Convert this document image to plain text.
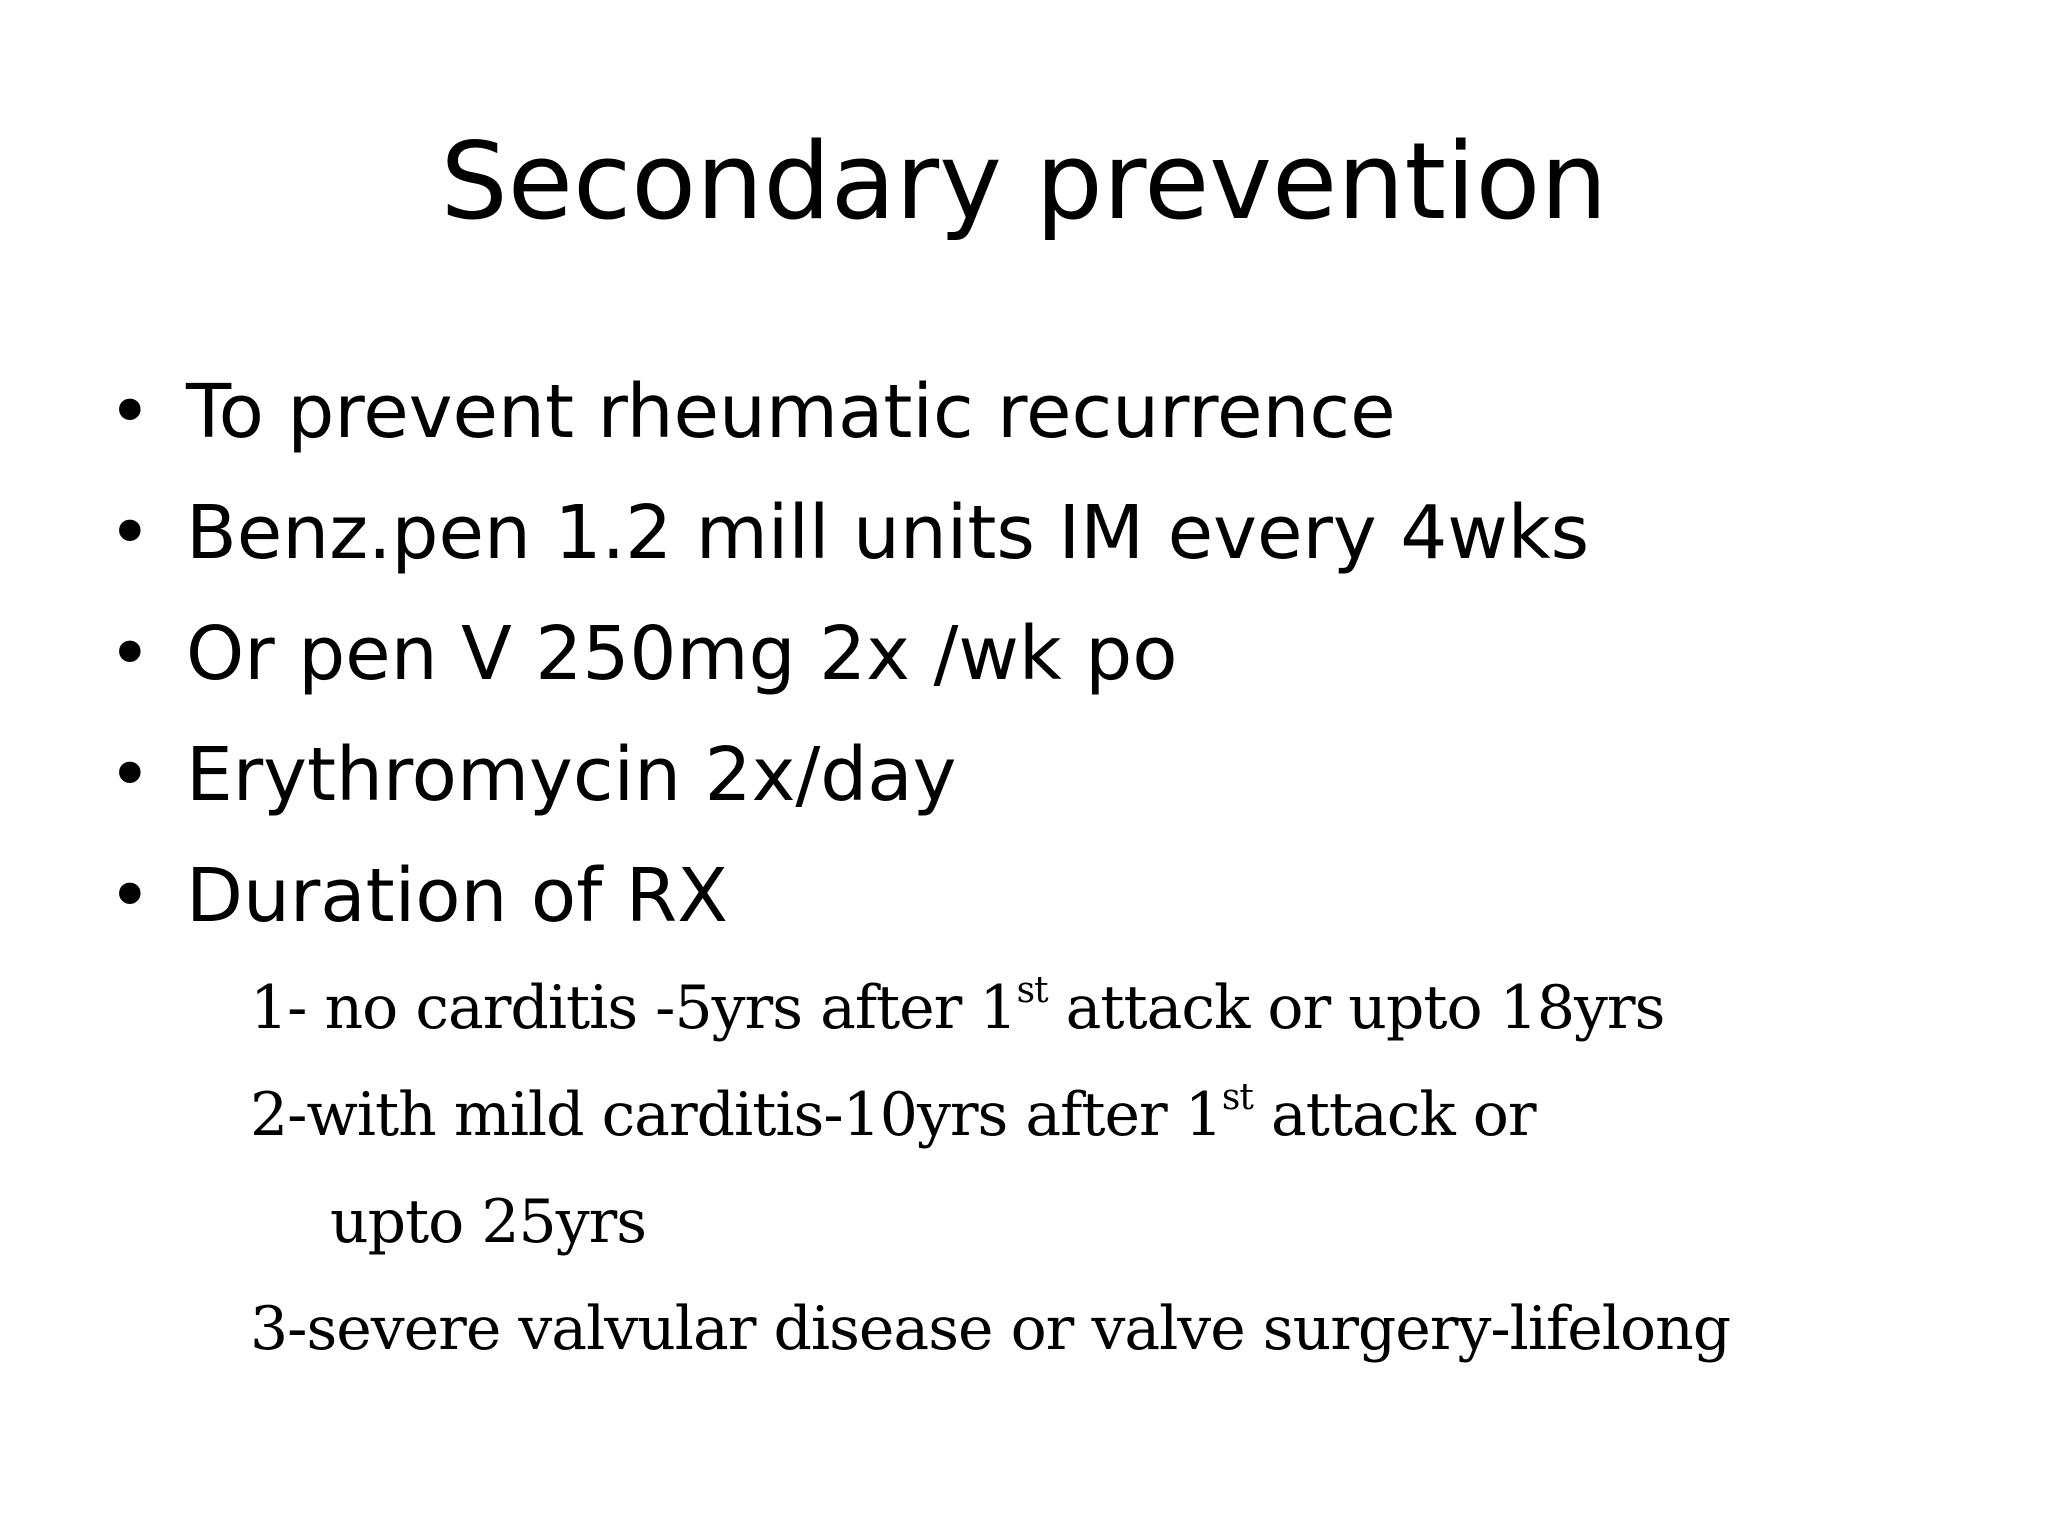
Secondary prevention
• To prevent rheumatic recurrence
• Benz.pen 1.2 mill units IM every 4wks
• Or pen V 250mg 2x /wk po
• Erythromycin 2x/day
• Duration of RX
1- no carditis -5yrs after 1st attack or upto 18yrs
2-with mild carditis-10yrs after 1st attack or
upto 25yrs
3-severe valvular disease or valve surgery-lifelong
